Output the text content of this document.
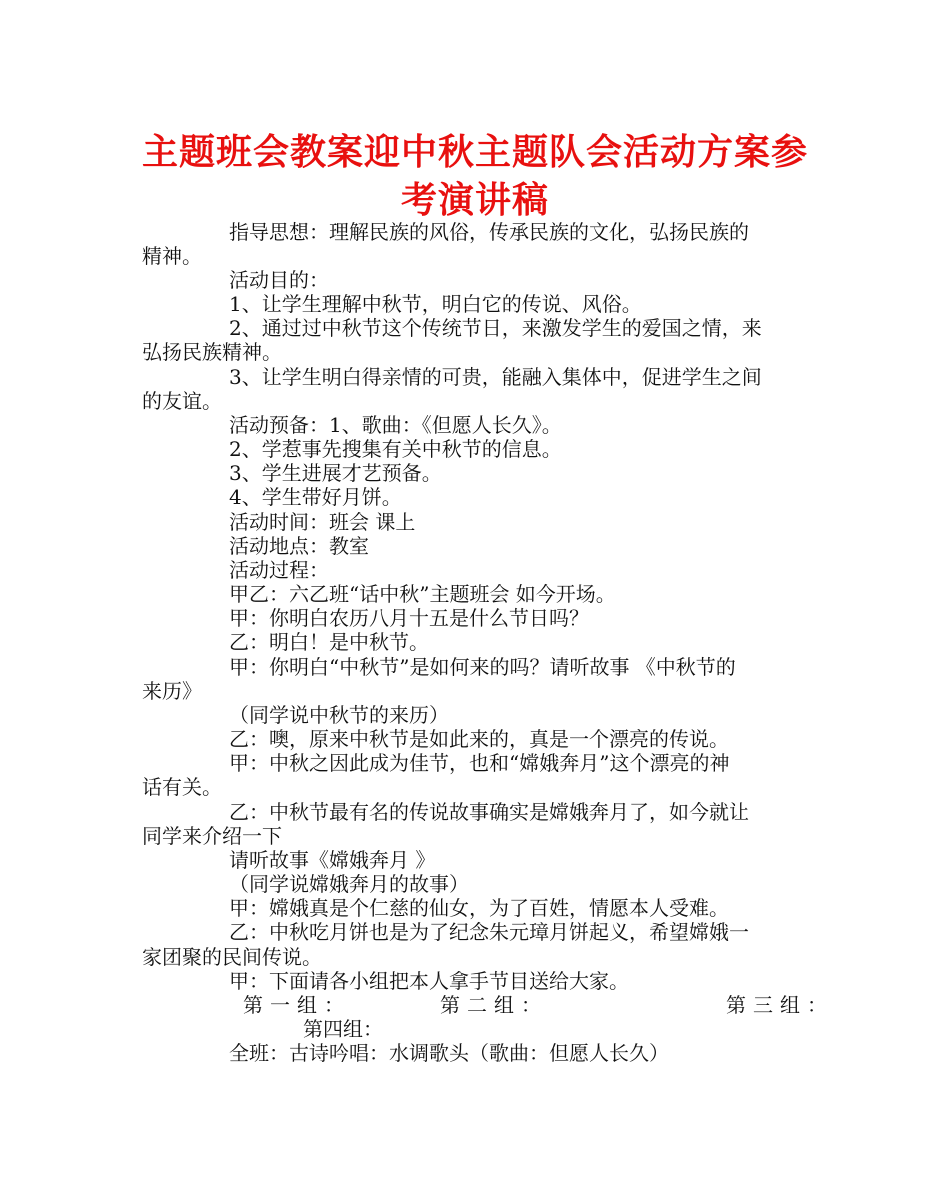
主题班会教案迎中秋主题队会活动方案参
考演讲稿
指导思想：理解民族的风俗，传承民族的文化，弘扬民族的
精神。
活动目的：
1、让学生理解中秋节，明白它的传说、风俗。
2、通过过中秋节这个传统节日，来激发学生的爱国之情，来
弘扬民族精神。
3、让学生明白得亲情的可贵，能融入集体中，促进学生之间
的友谊。
活动预备：1、歌曲：《但愿人长久》。
2、学惹事先搜集有关中秋节的信息。
3、学生进展才艺预备。
4、学生带好月饼。
活动时间：班会 课上
活动地点：教室
活动过程：
甲乙：六乙班“话中秋”主题班会 如今开场。
甲：你明白农历八月十五是什么节日吗？
乙：明白！是中秋节。
甲：你明白“中秋节”是如何来的吗？请听故事 《中秋节的
来历》
（同学说中秋节的来历）
乙：噢，原来中秋节是如此来的，真是一个漂亮的传说。
甲：中秋之因此成为佳节，也和“嫦娥奔月”这个漂亮的神
话有关。
乙：中秋节最有名的传说故事确实是嫦娥奔月了，如今就让
同学来介绍一下
请听故事《嫦娥奔月 》
（同学说嫦娥奔月的故事）
甲：嫦娥真是个仁慈的仙女，为了百姓，情愿本人受难。
乙：中秋吃月饼也是为了纪念朱元璋月饼起义，希望嫦娥一
家团聚的民间传说。
甲：下面请各小组把本人拿手节目送给大家。
第一组：	第二组：	第三组：
第四组：
全班：古诗吟唱：水调歌头（歌曲：但愿人长久）
